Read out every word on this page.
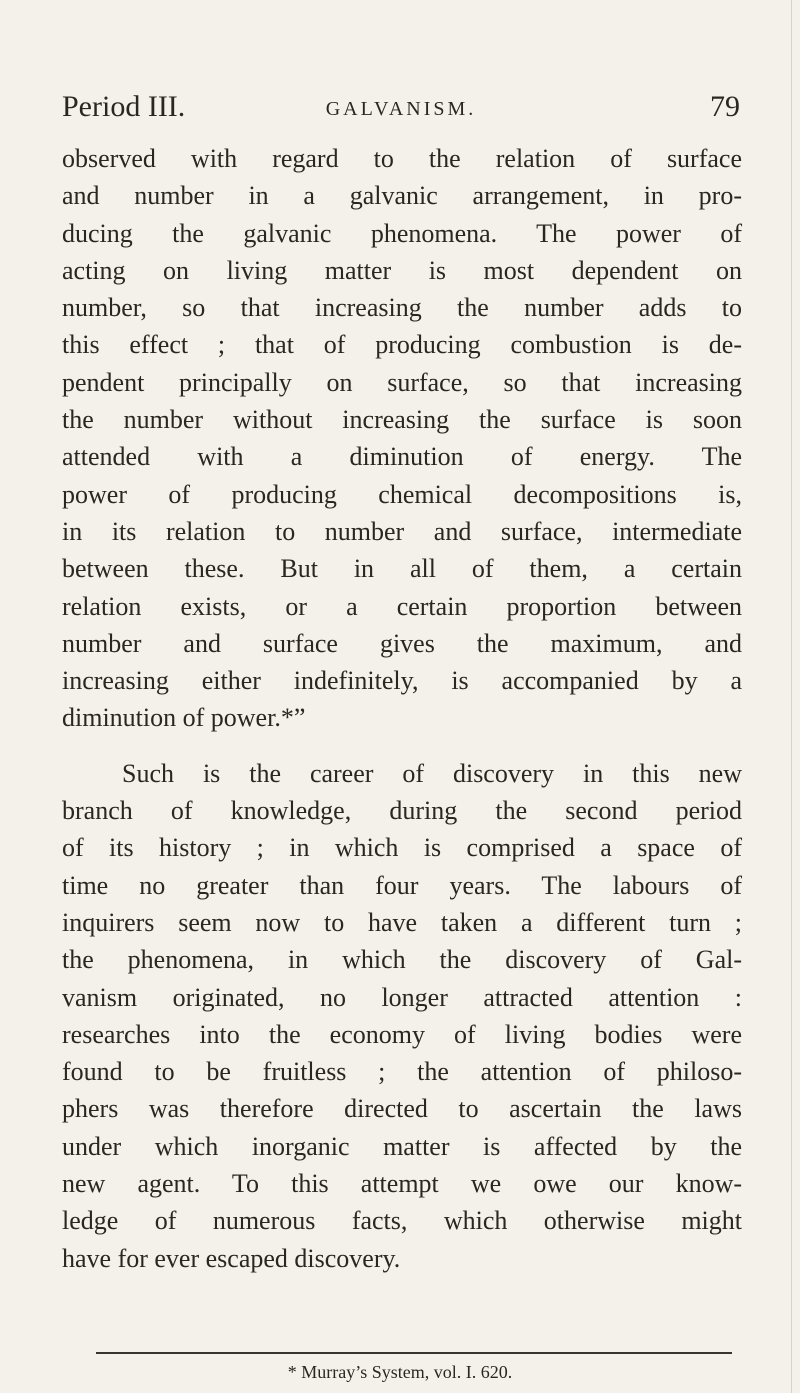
Period III.	GALVANISM.	79
observed with regard to the relation of surface
and number in a galvanic arrangement, in pro-
ducing the galvanic phenomena. The power of
acting on living matter is most dependent on
number, so that increasing the number adds to
this effect ; that of producing combustion is de-
pendent principally on surface, so that increasing
the number without increasing the surface is soon
attended with a diminution of energy. The
power of producing chemical decompositions is,
in its relation to number and surface, intermediate
between these. But in all of them, a certain
relation exists, or a certain proportion between
number and surface gives the maximum, and
increasing either indefinitely, is accompanied by a
diminution of power.*”
Such is the career of discovery in this new
branch of knowledge, during the second period
of its history ; in which is comprised a space of
time no greater than four years. The labours of
inquirers seem now to have taken a different turn ;
the phenomena, in which the discovery of Gal-
vanism originated, no longer attracted attention :
researches into the economy of living bodies were
found to be fruitless ; the attention of philoso-
phers was therefore directed to ascertain the laws
under which inorganic matter is affected by the
new agent. To this attempt we owe our know-
ledge of numerous facts, which otherwise might
have for ever escaped discovery.
* Murray’s System, vol. I. 620.
